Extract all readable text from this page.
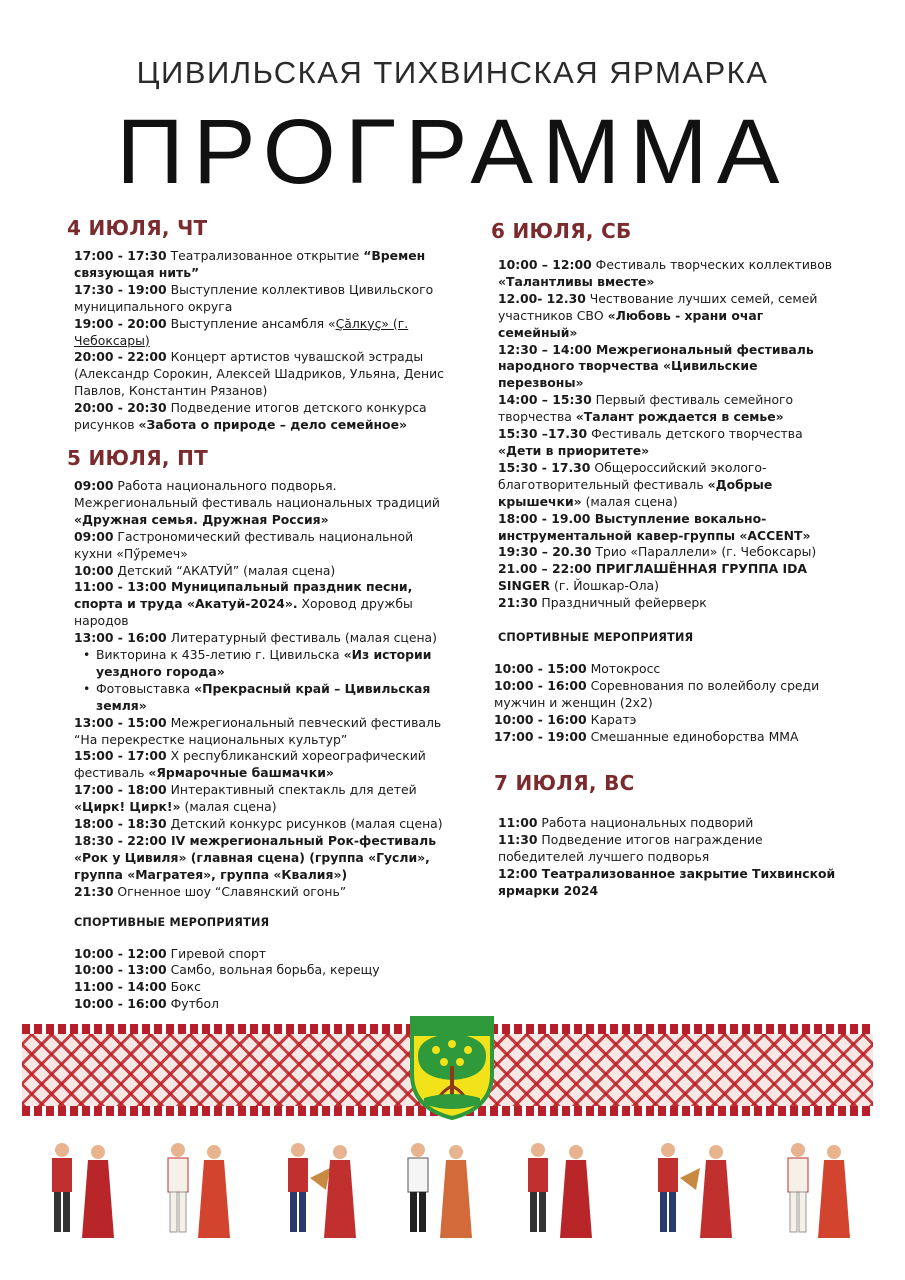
ЦИВИЛЬСКАЯ ТИХВИНСКАЯ ЯРМАРКА
ПРОГРАММА
4 ИЮЛЯ, ЧТ

17:00 - 17:30 Театрализованное открытие “Времен связующая нить”

17:30 - 19:00 Выступление коллективов Цивильского муниципального округа

19:00 - 20:00 Выступление ансамбля «Çăлкуç» (г. Чебоксары)

20:00 - 22:00 Концерт артистов чувашской эстрады (Александр Сорокин, Алексей Шадриков, Ульяна, Денис Павлов, Константин Рязанов)

20:00 - 20:30 Подведение итогов детского конкурса рисунков «Забота о природе – дело семейное»

5 ИЮЛЯ, ПТ

09:00 Работа национального подворья. Межрегиональный фестиваль национальных традиций «Дружная семья. Дружная Россия»

09:00 Гастрономический фестиваль национальной кухни «Пӳремеч»

10:00 Детский “АКАТУЙ” (малая сцена)

11:00 - 13:00 Муниципальный праздник песни, спорта и труда «Акатуй-2024». Хоровод дружбы народов

13:00 - 16:00 Литературный фестиваль (малая сцена)

• Викторина к 435-летию г. Цивильска «Из истории уездного города»

• Фотовыставка «Прекрасный край – Цивильская земля»

13:00 - 15:00 Межрегиональный певческий фестиваль “На перекрестке национальных культур”

15:00 - 17:00 X республиканский хореографический фестиваль «Ярмарочные башмачки»

17:00 - 18:00 Интерактивный спектакль для детей «Цирк! Цирк!» (малая сцена)

18:00 - 18:30 Детский конкурс рисунков (малая сцена)

18:30 - 22:00 IV межрегиональный Рок-фестиваль «Рок у Цивиля» (главная сцена) (группа «Гусли», группа «Магратея», группа «Квалия»)

21:30 Огненное шоу “Славянский огонь”

СПОРТИВНЫЕ МЕРОПРИЯТИЯ

10:00 - 12:00 Гиревой спорт

10:00 - 13:00 Самбо, вольная борьба, керещу

11:00 - 14:00 Бокс

10:00 - 16:00 Футбол

6 ИЮЛЯ, СБ

10:00 – 12:00 Фестиваль творческих коллективов «Талантливы вместе»

12.00- 12.30 Чествование лучших семей, семей участников СВО «Любовь - храни очаг семейный»

12:30 – 14:00 Межрегиональный фестиваль народного творчества «Цивильские перезвоны»

14:00 – 15:30 Первый фестиваль семейного творчества «Талант рождается в семье»

15:30 –17.30 Фестиваль детского творчества «Дети в приоритете»

15:30 - 17.30 Общероссийский эколого-благотворительный фестиваль «Добрые крышечки» (малая сцена)

18:00 - 19.00 Выступление вокально-инструментальной кавер-группы «ACCENT»

19:30 – 20.30 Трио «Параллели» (г. Чебоксары)

21.00 – 22:00 ПРИГЛАШЁННАЯ ГРУППА IDA SINGER (г. Йошкар-Ола)

21:30 Праздничный фейерверк

СПОРТИВНЫЕ МЕРОПРИЯТИЯ

10:00 - 15:00 Мотокросс

10:00 - 16:00 Соревнования по волейболу среди мужчин и женщин (2x2)

10:00 - 16:00 Каратэ

17:00 - 19:00 Смешанные единоборства ММА

7 ИЮЛЯ, ВС

11:00 Работа национальных подворий

11:30 Подведение итогов награждение победителей лучшего подворья

12:00 Театрализованное закрытие Тихвинской ярмарки 2024
